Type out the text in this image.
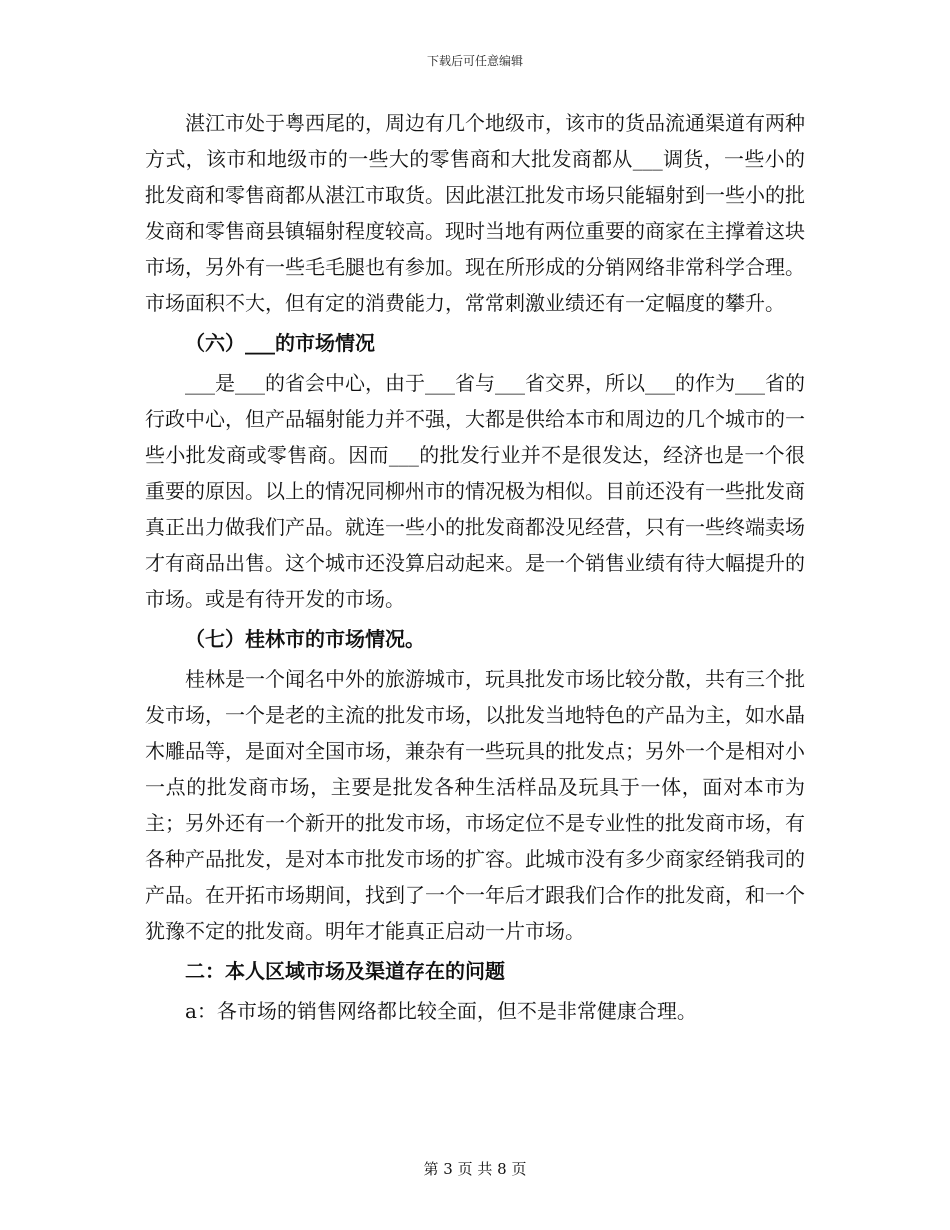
下载后可任意编辑

湛江市处于粤西尾的，周边有几个地级市，该市的货品流通渠道有两种方式，该市和地级市的一些大的零售商和大批发商都从___调货，一些小的批发商和零售商都从湛江市取货。因此湛江批发市场只能辐射到一些小的批发商和零售商县镇辐射程度较高。现时当地有两位重要的商家在主撑着这块市场，另外有一些毛毛腿也有参加。现在所形成的分销网络非常科学合理。市场面积不大，但有定的消费能力，常常刺激业绩还有一定幅度的攀升。

（六）___的市场情况

___是___的省会中心，由于___省与___省交界，所以___的作为___省的行政中心，但产品辐射能力并不强，大都是供给本市和周边的几个城市的一些小批发商或零售商。因而___的批发行业并不是很发达，经济也是一个很重要的原因。以上的情况同柳州市的情况极为相似。目前还没有一些批发商真正出力做我们产品。就连一些小的批发商都没见经营，只有一些终端卖场才有商品出售。这个城市还没算启动起来。是一个销售业绩有待大幅提升的市场。或是有待开发的市场。

（七）桂林市的市场情况。

桂林是一个闻名中外的旅游城市，玩具批发市场比较分散，共有三个批发市场，一个是老的主流的批发市场，以批发当地特色的产品为主，如水晶木雕品等，是面对全国市场，兼杂有一些玩具的批发点；另外一个是相对小一点的批发商市场，主要是批发各种生活样品及玩具于一体，面对本市为主；另外还有一个新开的批发市场，市场定位不是专业性的批发商市场，有各种产品批发，是对本市批发市场的扩容。此城市没有多少商家经销我司的产品。在开拓市场期间，找到了一个一年后才跟我们合作的批发商，和一个犹豫不定的批发商。明年才能真正启动一片市场。

二：本人区域市场及渠道存在的问题

a：各市场的销售网络都比较全面，但不是非常健康合理。

第 3 页 共 8 页
